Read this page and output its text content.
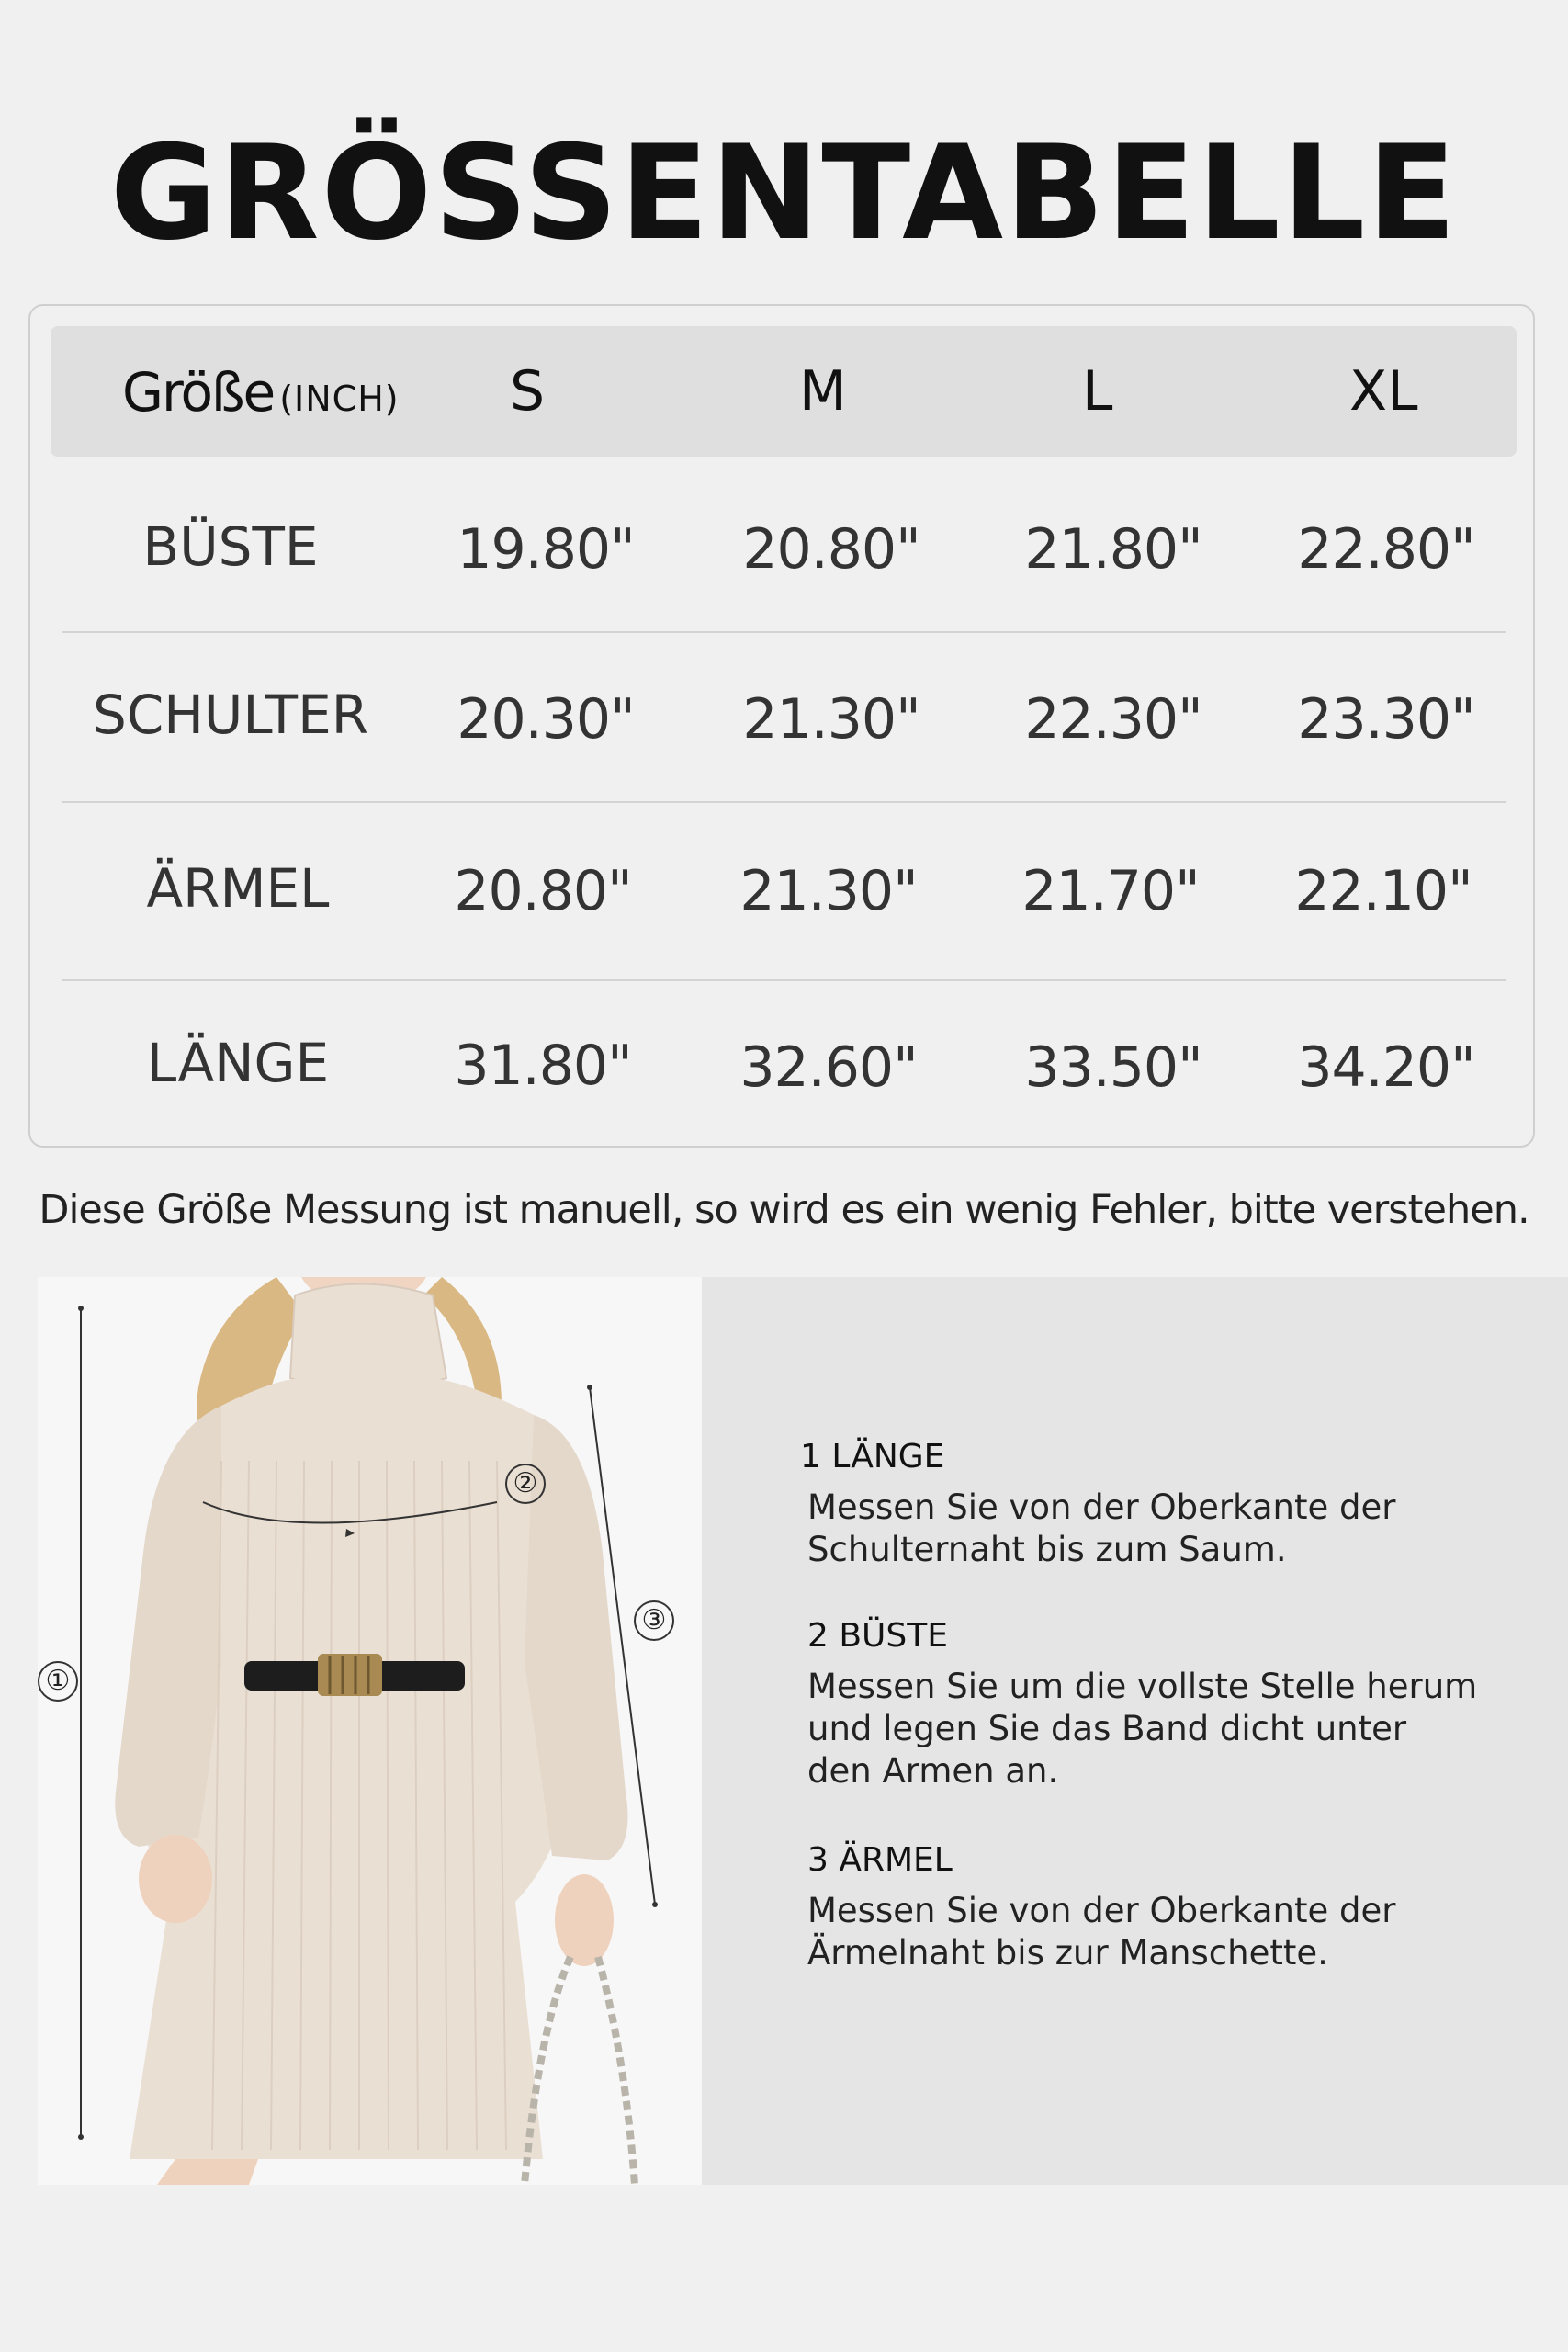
GRÖSSENTABELLE
Größe (INCH) S	M	L	XL
BÜSTE	19.80"	20.80"	21.80"	22.80"
SCHULTER	20.30"	21.30"	22.30"	23.30"
ÄRMEL	20.80"	21.30"	21.70"	22.10"
LÄNGE	31.80"	32.60"	33.50"	34.20"
Diese Größe Messung ist manuell, so wird es ein wenig Fehler, bitte verstehen.
①
②
③
1 LÄNGE
Messen Sie von der Oberkante der
Schulternaht bis zum Saum.
2 BÜSTE
Messen Sie um die vollste Stelle herum
und legen Sie das Band dicht unter
den Armen an.
3 ÄRMEL
Messen Sie von der Oberkante der
Ärmelnaht bis zur Manschette.
